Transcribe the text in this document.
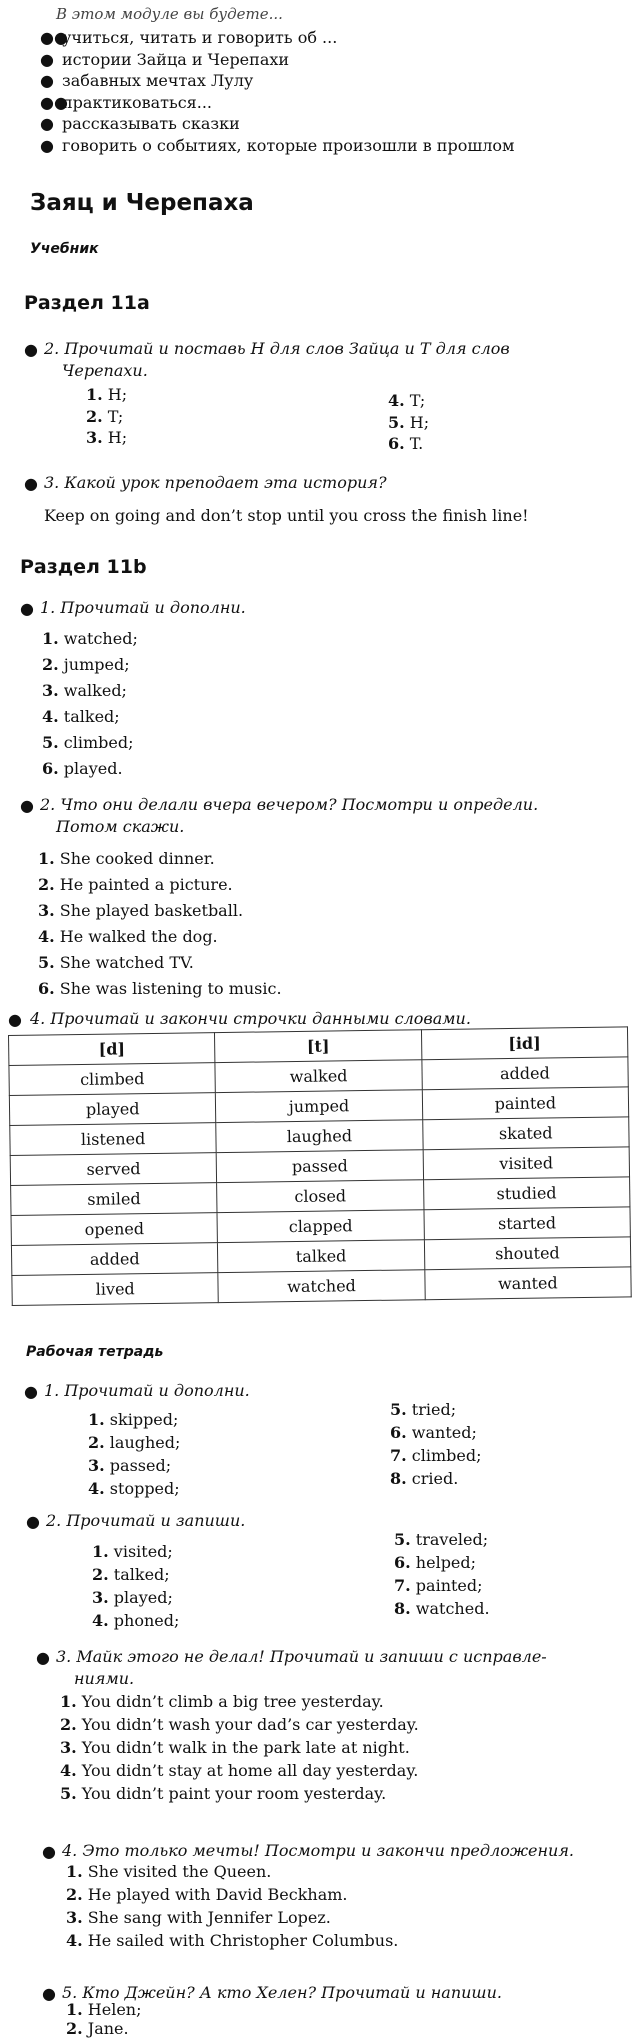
В этом модуле вы будете...
●●учиться, читать и говорить об ...
● истории Зайца и Черепахи
● забавных мечтах Лулу
●●практиковаться...
● рассказывать сказки
● говорить о событиях, которые произошли в прошлом
Заяц и Черепаха
Учебник
Раздел 11a
● 2. Прочитай и поставь H для слов Зайца и T для слов
Черепахи.
1. H;
2. T;
3. H;
4. T;
5. H;
6. T.
● 3. Какой урок преподает эта история?
Keep on going and don’t stop until you cross the finish line!
Раздел 11b
● 1. Прочитай и дополни.
1. watched;
2. jumped;
3. walked;
4. talked;
5. climbed;
6. played.
● 2. Что они делали вчера вечером? Посмотри и определи.
Потом скажи.
1. She cooked dinner.
2. He painted a picture.
3. She played basketball.
4. He walked the dog.
5. She watched TV.
6. She was listening to music.
● 4. Прочитай и закончи строчки данными словами.
[d]	[t]	[id]
climbed	walked	added
played	jumped	painted
listened	laughed	skated
served	passed	visited
smiled	closed	studied
opened	clapped	started
added	talked	shouted
lived	watched	wanted
Рабочая тетрадь
● 1. Прочитай и дополни.
1. skipped;
2. laughed;
3. passed;
4. stopped;
5. tried;
6. wanted;
7. climbed;
8. cried.
● 2. Прочитай и запиши.
1. visited;
2. talked;
3. played;
4. phoned;
5. traveled;
6. helped;
7. painted;
8. watched.
● 3. Майк этого не делал! Прочитай и запиши с исправле-
ниями.
1. You didn’t climb a big tree yesterday.
2. You didn’t wash your dad’s car yesterday.
3. You didn’t walk in the park late at night.
4. You didn’t stay at home all day yesterday.
5. You didn’t paint your room yesterday.
● 4. Это только мечты! Посмотри и закончи предложения.
1. She visited the Queen.
2. He played with David Beckham.
3. She sang with Jennifer Lopez.
4. He sailed with Christopher Columbus.
● 5. Кто Джейн? А кто Хелен? Прочитай и напиши.
1. Helen;
2. Jane.
